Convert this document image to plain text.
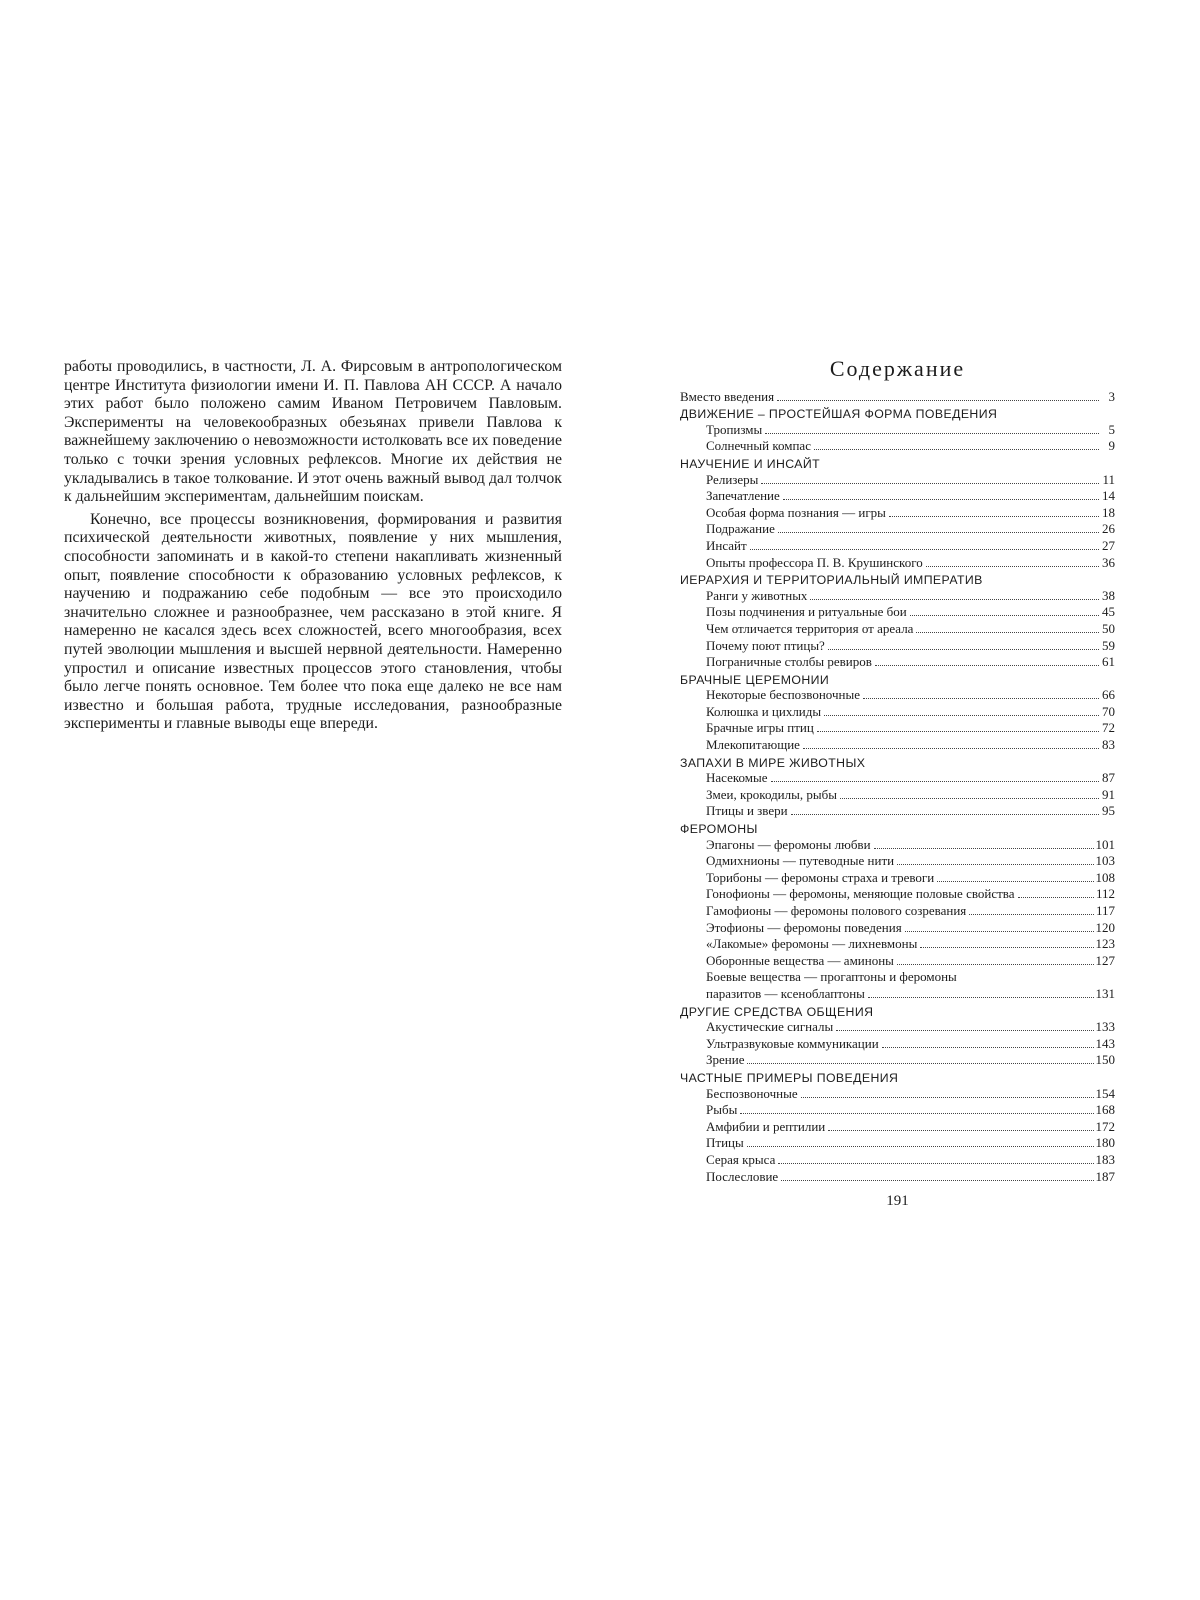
работы проводились, в частности, Л. А. Фирсовым в антропологическом центре Института физиологии имени И. П. Павлова АН СССР. А начало этих работ было положено самим Иваном Петровичем Павловым. Эксперименты на человекообразных обезьянах привели Павлова к важнейшему заключению о невозможности истолковать все их поведение только с точки зрения условных рефлексов. Многие их действия не укладывались в такое толкование. И этот очень важный вывод дал толчок к дальнейшим экспериментам, дальнейшим поискам.

Конечно, все процессы возникновения, формирования и развития психической деятельности животных, появление у них мышления, способности запоминать и в какой-то степени накапливать жизненный опыт, появление способности к образованию условных рефлексов, к научению и подражанию себе подобным — все это происходило значительно сложнее и разнообразнее, чем рассказано в этой книге. Я намеренно не касался здесь всех сложностей, всего многообразия, всех путей эволюции мышления и высшей нервной деятельности. Намеренно упростил и описание известных процессов этого становления, чтобы было легче понять основное. Тем более что пока еще далеко не все нам известно и большая работа, трудные исследования, разнообразные эксперименты и главные выводы еще впереди.

Содержание
Вместо введения	3
ДВИЖЕНИЕ – ПРОСТЕЙШАЯ ФОРМА ПОВЕДЕНИЯ
Тропизмы	5
Солнечный компас	9
НАУЧЕНИЕ И ИНСАЙТ
Релизеры	11
Запечатление	14
Особая форма познания — игры	18
Подражание	26
Инсайт	27
Опыты профессора П. В. Крушинского	36
ИЕРАРХИЯ И ТЕРРИТОРИАЛЬНЫЙ ИМПЕРАТИВ
Ранги у животных	38
Позы подчинения и ритуальные бои	45
Чем отличается территория от ареала	50
Почему поют птицы?	59
Пограничные столбы ревиров	61
БРАЧНЫЕ ЦЕРЕМОНИИ
Некоторые беспозвоночные	66
Колюшка и цихлиды	70
Брачные игры птиц	72
Млекопитающие	83
ЗАПАХИ В МИРЕ ЖИВОТНЫХ
Насекомые	87
Змеи, крокодилы, рыбы	91
Птицы и звери	95
ФЕРОМОНЫ
Эпагоны — феромоны любви	101
Одмихнионы — путеводные нити	103
Торибоны — феромоны страха и тревоги	108
Гонофионы — феромоны, меняющие половые свойства	112
Гамофионы — феромоны полового созревания	117
Этофионы — феромоны поведения	120
«Лакомые» феромоны — лихневмоны	123
Оборонные вещества — аминоны	127
Боевые вещества — прогаптоны и феромоны
паразитов — ксеноблаптоны	131
ДРУГИЕ СРЕДСТВА ОБЩЕНИЯ
Акустические сигналы	133
Ультразвуковые коммуникации	143
Зрение	150
ЧАСТНЫЕ ПРИМЕРЫ ПОВЕДЕНИЯ
Беспозвоночные	154
Рыбы	168
Амфибии и рептилии	172
Птицы	180
Серая крыса	183
Послесловие	187
191
